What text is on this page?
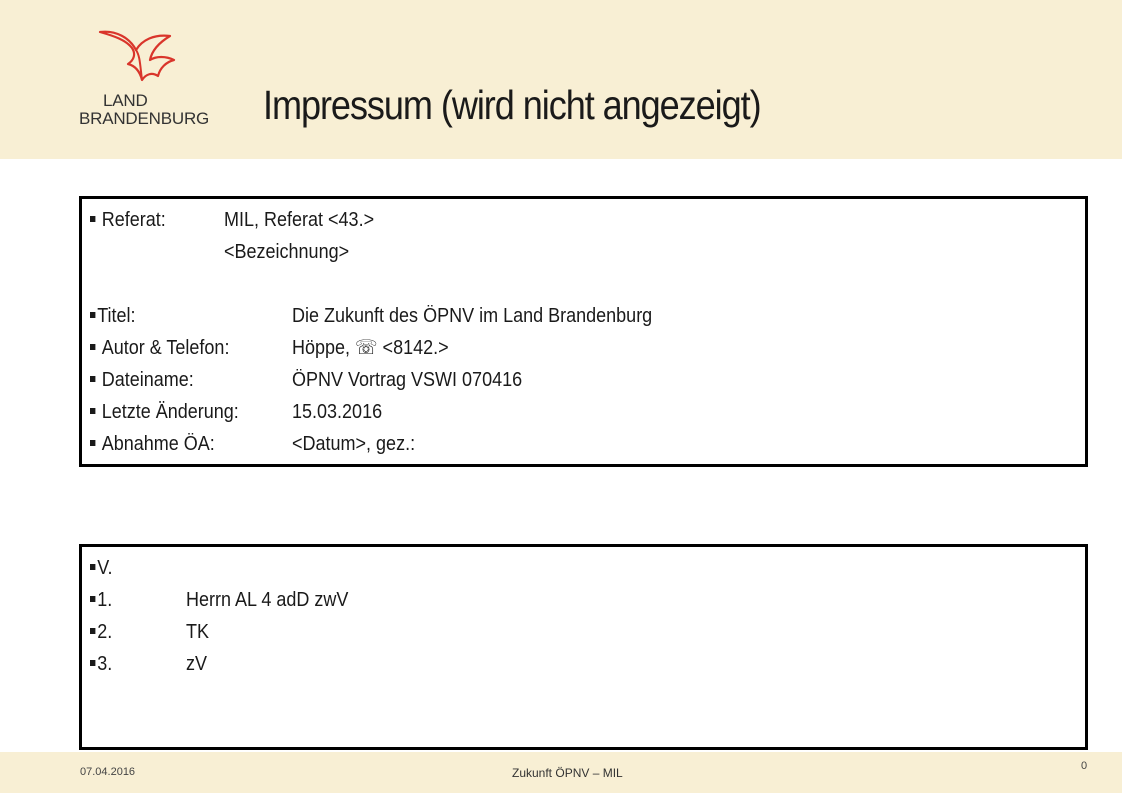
LAND
BRANDENBURG Impressum (wird nicht angezeigt)
Referat:	MIL, Referat <43.>
<Bezeichnung>
Titel:	Die Zukunft des ÖPNV im Land Brandenburg
Autor & Telefon:	Höppe, ☏ <8142.>
Dateiname:	ÖPNV Vortrag VSWI 070416
Letzte Änderung:	15.03.2016
Abnahme ÖA:	<Datum>, gez.:
V.
1.	Herrn AL 4 adD zwV
2.	TK
3.	zV
07.04.2016	Zukunft ÖPNV – MIL	0
